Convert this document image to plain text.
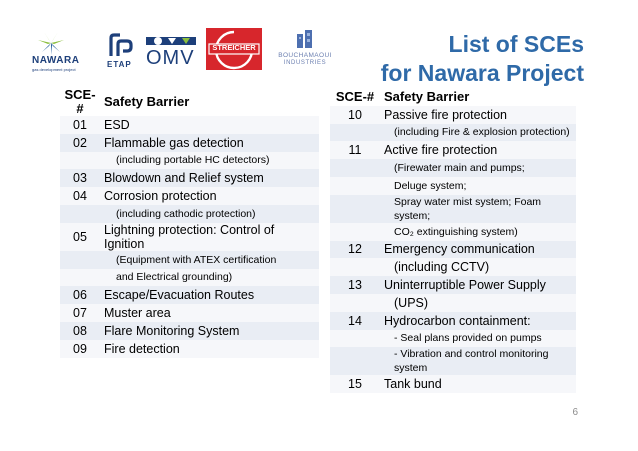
NAWARA
gas development project
ETAP OMV	STREICHER
BOUCHAMAOUI
INDUSTRIES
List of SCEs
for Nawara Project
SCE-#	Safety Barrier
01	ESD
02	Flammable gas detection
	(including portable HC detectors)
03	Blowdown and Relief system
04	Corrosion protection
	(including cathodic protection)
05	Lightning protection: Control of Ignition
	(Equipment with ATEX certification
	and Electrical grounding)
06	Escape/Evacuation Routes
07	Muster area
08	Flare Monitoring System
09	Fire detection
SCE-#	Safety Barrier
10	Passive fire protection
	(including Fire & explosion protection)
11	Active fire protection
	(Firewater main and pumps;
	Deluge system;
	Spray water mist system; Foam system;
	CO₂ extinguishing system)
12	Emergency communication
	(including CCTV)
13	Uninterruptible Power Supply
	(UPS)
14	Hydrocarbon containment:
	- Seal plans provided on pumps
	- Vibration and control monitoring system
15	Tank bund
6
